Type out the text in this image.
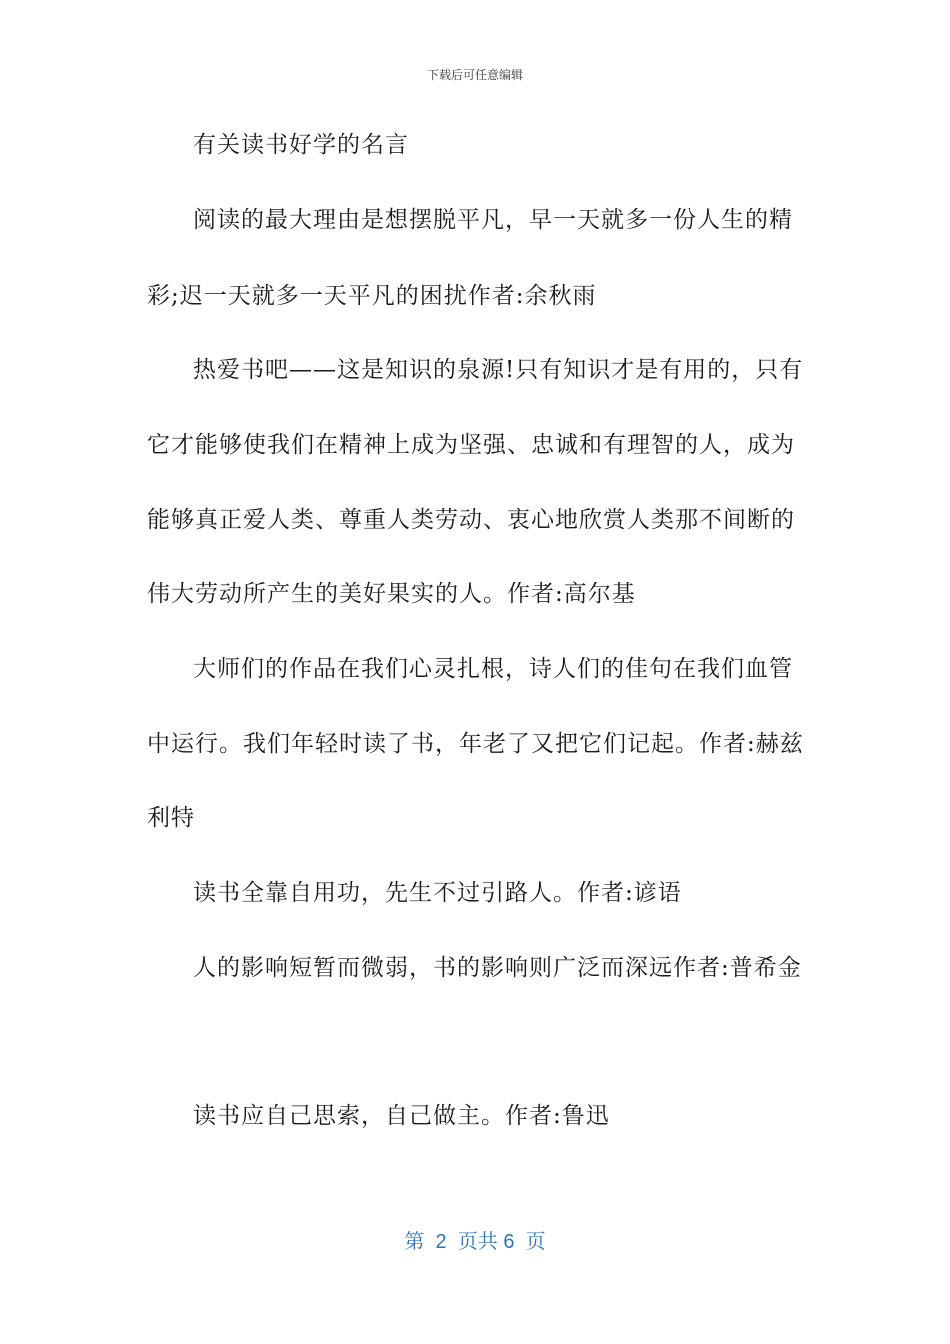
下载后可任意编辑
有关读书好学的名言
阅读的最大理由是想摆脱平凡，早一天就多一份人生的精
彩;迟一天就多一天平凡的困扰作者:余秋雨
热爱书吧——这是知识的泉源!只有知识才是有用的，只有
它才能够使我们在精神上成为坚强、忠诚和有理智的人，成为
能够真正爱人类、尊重人类劳动、衷心地欣赏人类那不间断的
伟大劳动所产生的美好果实的人。作者:高尔基
大师们的作品在我们心灵扎根，诗人们的佳句在我们血管
中运行。我们年轻时读了书，年老了又把它们记起。作者:赫兹
利特
读书全靠自用功，先生不过引路人。作者:谚语
人的影响短暂而微弱，书的影响则广泛而深远作者:普希金
读书应自己思索，自己做主。作者:鲁迅
第  2  页共 6  页
